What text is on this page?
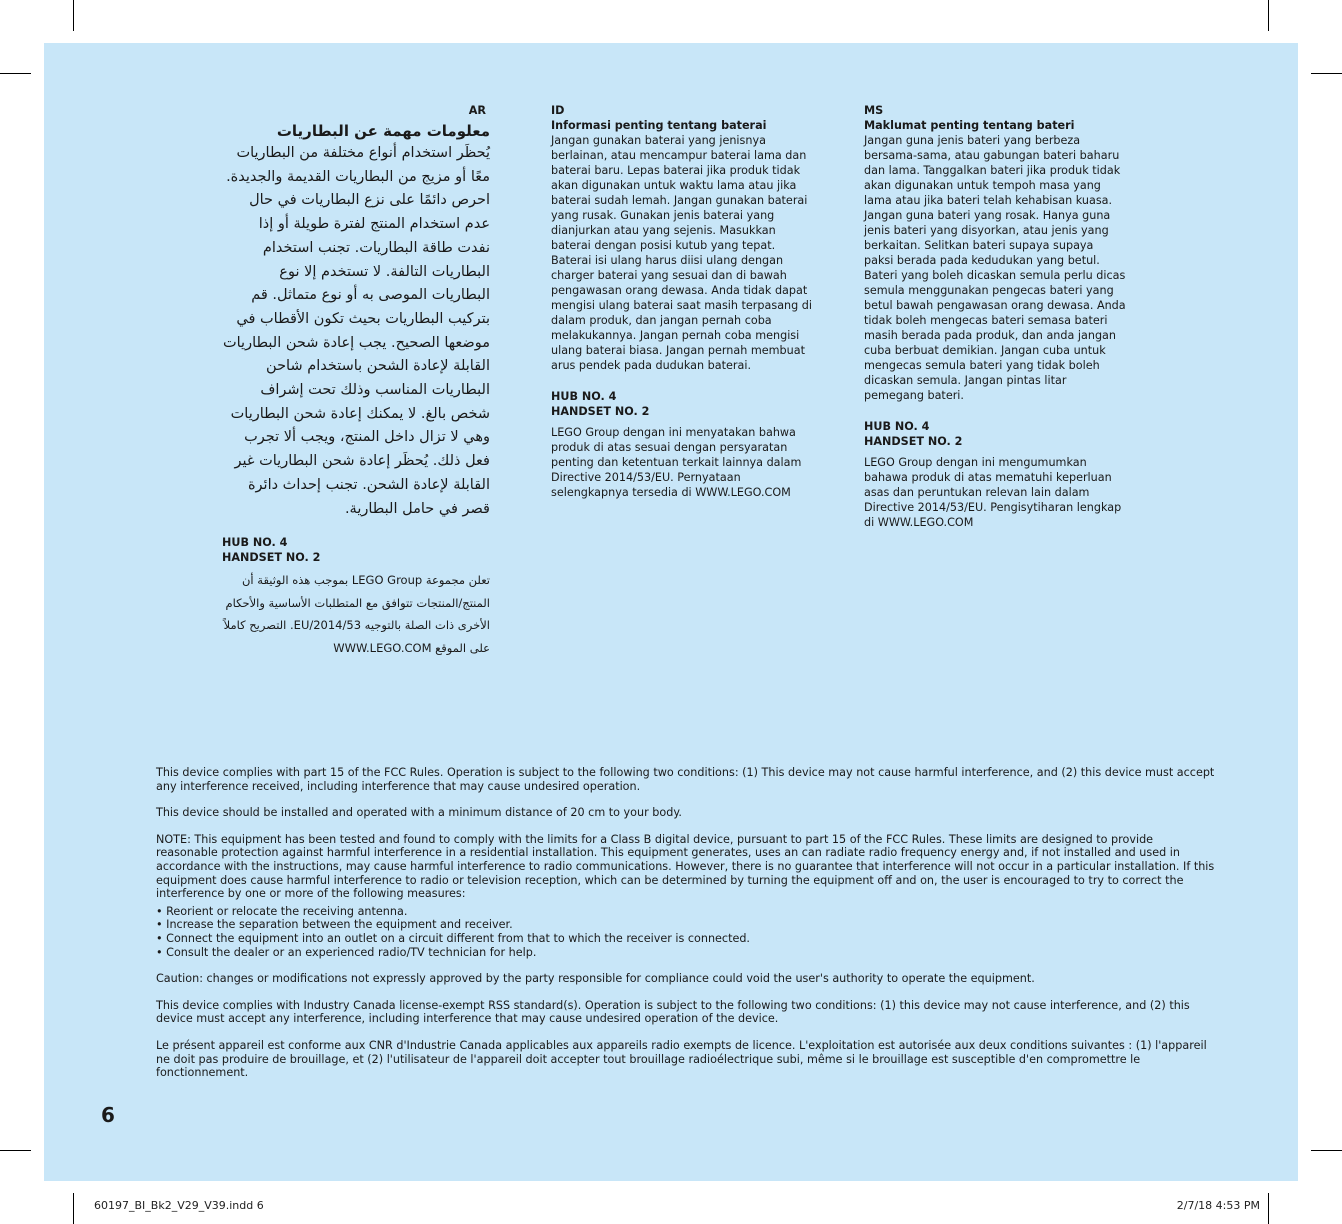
AR

معلومات مهمة عن البطاريات

يُحظَر استخدام أنواع مختلفة من البطاريات معًا أو مزيج من البطاريات القديمة والجديدة. احرص دائمًا على نزع البطاريات في حال عدم استخدام المنتج لفترة طويلة أو إذا نفدت طاقة البطاريات. تجنب استخدام البطاريات التالفة. لا تستخدم إلا نوع البطاريات الموصى به أو نوع متماثل. قم بتركيب البطاريات بحيث تكون الأقطاب في موضعها الصحيح. يجب إعادة شحن البطاريات القابلة لإعادة الشحن باستخدام شاحن البطاريات المناسب وذلك تحت إشراف شخص بالغ. لا يمكنك إعادة شحن البطاريات وهي لا تزال داخل المنتج، ويجب ألا تجرب فعل ذلك. يُحظَر إعادة شحن البطاريات غير القابلة لإعادة الشحن. تجنب إحداث دائرة قصر في حامل البطارية.

HUB NO. 4

HANDSET NO. 2

تعلن مجموعة LEGO Group بموجب هذه الوثيقة أن المنتج/المنتجات تتوافق مع المتطلبات الأساسية والأحكام الأخرى ذات الصلة بالتوجيه EU/2014/53. التصريح كاملاً على الموقع WWW.LEGO.COM

ID

Informasi penting tentang baterai

Jangan gunakan baterai yang jenisnya berlainan, atau mencampur baterai lama dan baterai baru. Lepas baterai jika produk tidak akan digunakan untuk waktu lama atau jika baterai sudah lemah. Jangan gunakan baterai yang rusak. Gunakan jenis baterai yang dianjurkan atau yang sejenis. Masukkan baterai dengan posisi kutub yang tepat. Baterai isi ulang harus diisi ulang dengan charger baterai yang sesuai dan di bawah pengawasan orang dewasa. Anda tidak dapat mengisi ulang baterai saat masih terpasang di dalam produk, dan jangan pernah coba melakukannya. Jangan pernah coba mengisi ulang baterai biasa. Jangan pernah membuat arus pendek pada dudukan baterai.

HUB NO. 4

HANDSET NO. 2

LEGO Group dengan ini menyatakan bahwa produk di atas sesuai dengan persyaratan penting dan ketentuan terkait lainnya dalam Directive 2014/53/EU. Pernyataan selengkapnya tersedia di WWW.LEGO.COM

MS

Maklumat penting tentang bateri

Jangan guna jenis bateri yang berbeza bersama-sama, atau gabungan bateri baharu dan lama. Tanggalkan bateri jika produk tidak akan digunakan untuk tempoh masa yang lama atau jika bateri telah kehabisan kuasa. Jangan guna bateri yang rosak. Hanya guna jenis bateri yang disyorkan, atau jenis yang berkaitan. Selitkan bateri supaya supaya paksi berada pada kedudukan yang betul. Bateri yang boleh dicaskan semula perlu dicas semula menggunakan pengecas bateri yang betul bawah pengawasan orang dewasa. Anda tidak boleh mengecas bateri semasa bateri masih berada pada produk, dan anda jangan cuba berbuat demikian. Jangan cuba untuk mengecas semula bateri yang tidak boleh dicaskan semula. Jangan pintas litar pemegang bateri.

HUB NO. 4

HANDSET NO. 2

LEGO Group dengan ini mengumumkan bahawa produk di atas mematuhi keperluan asas dan peruntukan relevan lain dalam Directive 2014/53/EU. Pengisytiharan lengkap di WWW.LEGO.COM

This device complies with part 15 of the FCC Rules. Operation is subject to the following two conditions: (1) This device may not cause harmful interference, and (2) this device must accept any interference received, including interference that may cause undesired operation.

This device should be installed and operated with a minimum distance of 20 cm to your body.

NOTE: This equipment has been tested and found to comply with the limits for a Class B digital device, pursuant to part 15 of the FCC Rules. These limits are designed to provide reasonable protection against harmful interference in a residential installation. This equipment generates, uses an can radiate radio frequency energy and, if not installed and used in accordance with the instructions, may cause harmful interference to radio communications. However, there is no guarantee that interference will not occur in a particular installation. If this equipment does cause harmful interference to radio or television reception, which can be determined by turning the equipment off and on, the user is encouraged to try to correct the interference by one or more of the following measures:

• Reorient or relocate the receiving antenna.
• Increase the separation between the equipment and receiver.
• Connect the equipment into an outlet on a circuit different from that to which the receiver is connected.
• Consult the dealer or an experienced radio/TV technician for help.

Caution: changes or modifications not expressly approved by the party responsible for compliance could void the user's authority to operate the equipment.

This device complies with Industry Canada license-exempt RSS standard(s). Operation is subject to the following two conditions: (1) this device may not cause interference, and (2) this device must accept any interference, including interference that may cause undesired operation of the device.

Le présent appareil est conforme aux CNR d'Industrie Canada applicables aux appareils radio exempts de licence. L'exploitation est autorisée aux deux conditions suivantes : (1) l'appareil ne doit pas produire de brouillage, et (2) l'utilisateur de l'appareil doit accepter tout brouillage radioélectrique subi, même si le brouillage est susceptible d'en compromettre le fonctionnement.

6
60197_BI_Bk2_V29_V39.indd 6	2/7/18 4:53 PM
